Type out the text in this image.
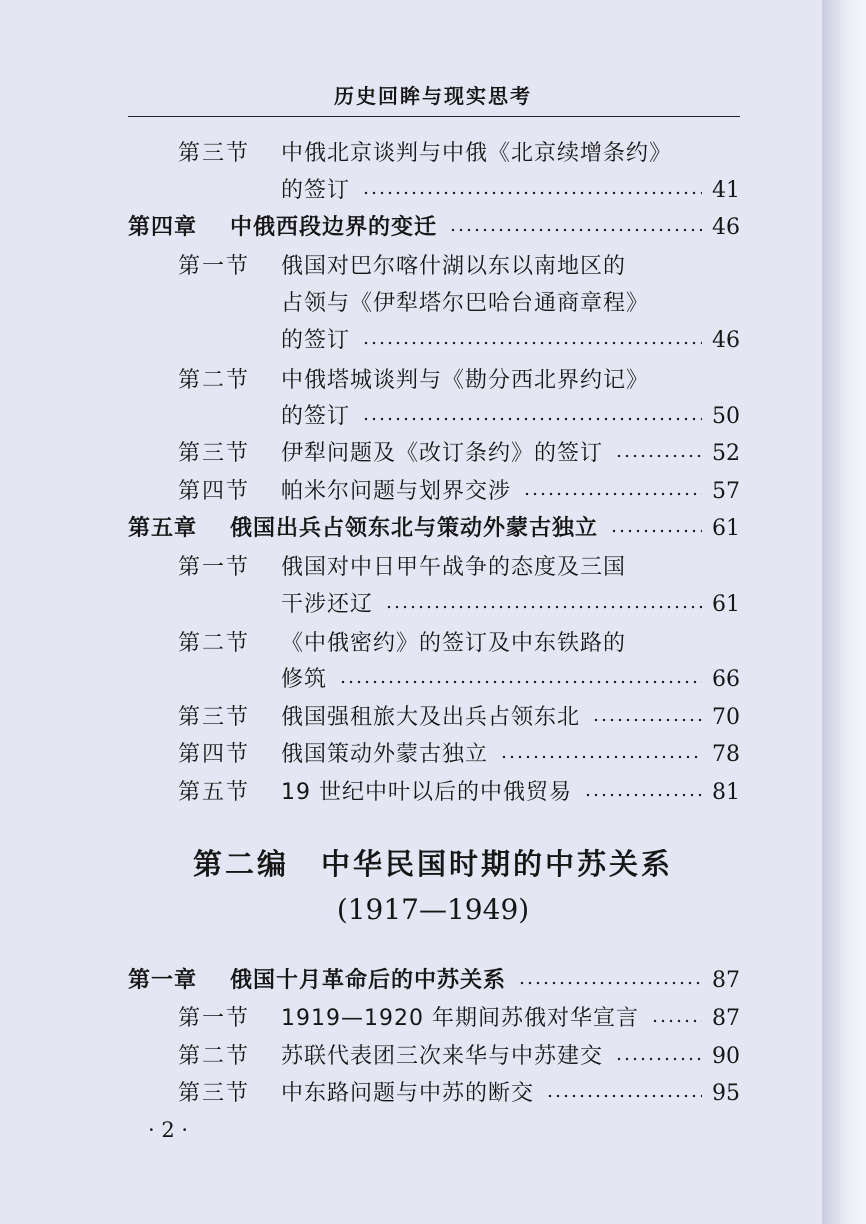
历史回眸与现实思考
第三节 中俄北京谈判与中俄《北京续增条约》
的签订	41
第四章 中俄西段边界的变迁	46
第一节 俄国对巴尔喀什湖以东以南地区的
占领与《伊犁塔尔巴哈台通商章程》
的签订	46
第二节 中俄塔城谈判与《勘分西北界约记》
的签订	50
第三节 伊犁问题及《改订条约》的签订	52
第四节 帕米尔问题与划界交涉	57
第五章 俄国出兵占领东北与策动外蒙古独立	61
第一节 俄国对中日甲午战争的态度及三国
干涉还辽	61
第二节 《中俄密约》的签订及中东铁路的
修筑	66
第三节 俄国强租旅大及出兵占领东北	70
第四节 俄国策动外蒙古独立	78
第五节 19 世纪中叶以后的中俄贸易	81
第二编　中华民国时期的中苏关系
(1917—1949)
第一章 俄国十月革命后的中苏关系	87
第一节 1919—1920 年期间苏俄对华宣言	87
第二节 苏联代表团三次来华与中苏建交	90
第三节 中东路问题与中苏的断交	95
· 2 ·
